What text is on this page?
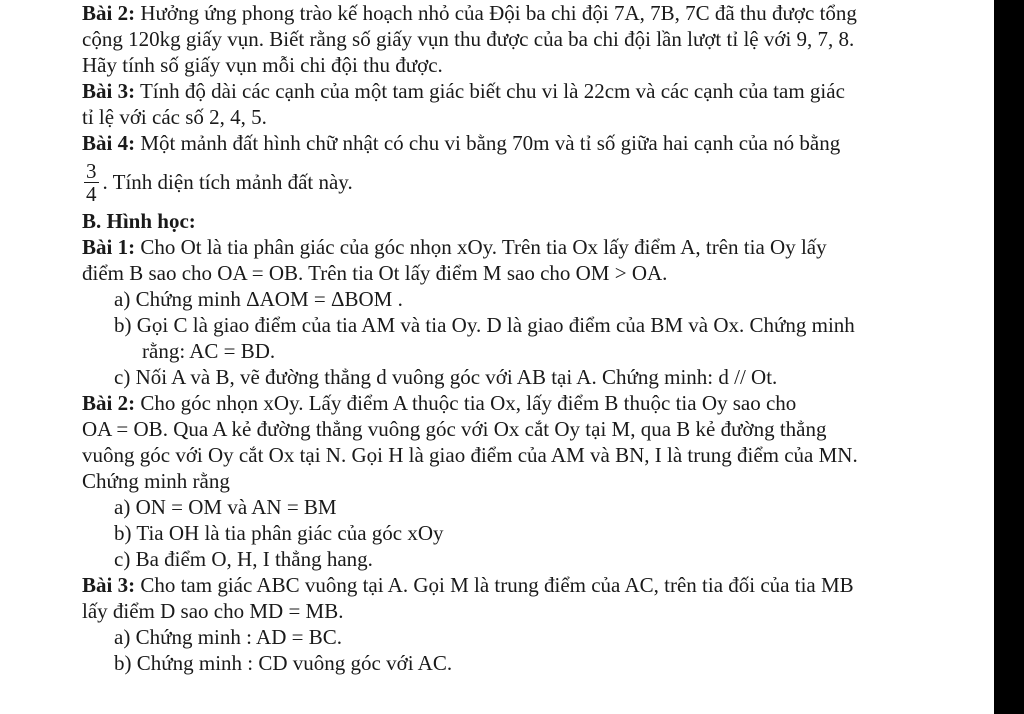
Bài 2: Hưởng ứng phong trào kế hoạch nhỏ của Đội ba chi đội 7A, 7B, 7C đã thu được tổng
cộng 120kg giấy vụn. Biết rằng số giấy vụn thu được của ba chi đội lần lượt tỉ lệ với 9, 7, 8.
Hãy tính số giấy vụn mỗi chi đội thu được.
Bài 3: Tính độ dài các cạnh của một tam giác biết chu vi là 22cm và các cạnh của tam giác
tỉ lệ với các số 2, 4, 5.
Bài 4: Một mảnh đất hình chữ nhật có chu vi bằng 70m và tỉ số giữa hai cạnh của nó bằng
$\frac{3}{4}$ . Tính diện tích mảnh đất này.
B. Hình học:
Bài 1: Cho Ot là tia phân giác của góc nhọn xOy. Trên tia Ox lấy điểm A, trên tia Oy lấy
điểm B sao cho OA = OB. Trên tia Ot lấy điểm M sao cho OM > OA.
a) Chứng minh ΔAOM = ΔBOM .
b) Gọi C là giao điểm của tia AM và tia Oy. D là giao điểm của BM và Ox. Chứng minh
rằng: AC = BD.
c) Nối A và B, vẽ đường thẳng d vuông góc với AB tại A. Chứng minh: d // Ot.
Bài 2: Cho góc nhọn xOy. Lấy điểm A thuộc tia Ox, lấy điểm B thuộc tia Oy sao cho
OA = OB. Qua A kẻ đường thẳng vuông góc với Ox cắt Oy tại M, qua B kẻ đường thẳng
vuông góc với Oy cắt Ox tại N. Gọi H là giao điểm của AM và BN, I là trung điểm của MN.
Chứng minh rằng
a) ON = OM và AN = BM
b) Tia OH là tia phân giác của góc xOy
c) Ba điểm O, H, I thẳng hang.
Bài 3: Cho tam giác ABC vuông tại A. Gọi M là trung điểm của AC, trên tia đối của tia MB
lấy điểm D sao cho MD = MB.
a) Chứng minh : AD = BC.
b) Chứng minh : CD vuông góc với AC.
